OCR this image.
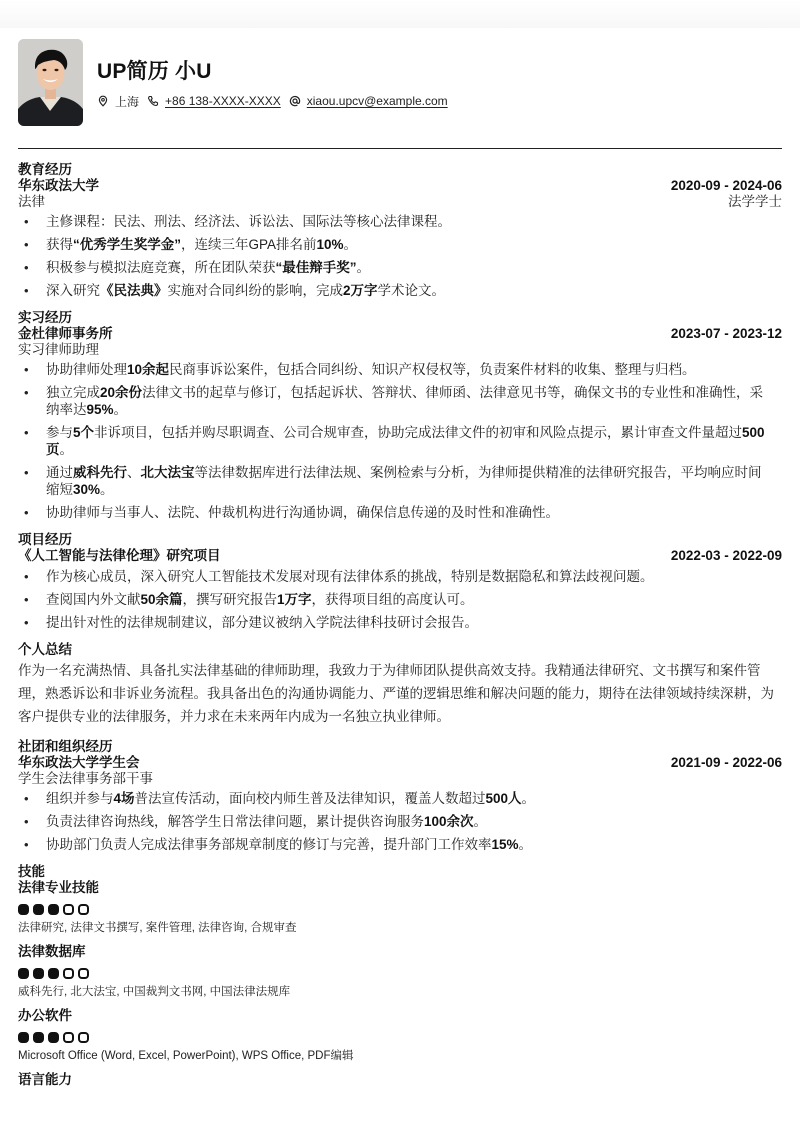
UP简历 小U
上海 +86 138-XXXX-XXXX xiaou.upcv@example.com
教育经历
华东政法大学	2020-09 - 2024-06
法律	法学学士
• 主修课程：民法、刑法、经济法、诉讼法、国际法等核心法律课程。
• 获得“优秀学生奖学金”，连续三年GPA排名前10%。
• 积极参与模拟法庭竞赛，所在团队荣获“最佳辩手奖”。
• 深入研究《民法典》实施对合同纠纷的影响，完成2万字学术论文。
实习经历
金杜律师事务所	2023-07 - 2023-12
实习律师助理
• 协助律师处理10余起民商事诉讼案件，包括合同纠纷、知识产权侵权等，负责案件材料的收集、整理与归档。
• 独立完成20余份法律文书的起草与修订，包括起诉状、答辩状、律师函、法律意见书等，确保文书的专业性和准确性，采纳率达95%。
• 参与5个非诉项目，包括并购尽职调查、公司合规审查，协助完成法律文件的初审和风险点提示，累计审查文件量超过500页。
• 通过威科先行、北大法宝等法律数据库进行法律法规、案例检索与分析，为律师提供精准的法律研究报告，平均响应时间缩短30%。
• 协助律师与当事人、法院、仲裁机构进行沟通协调，确保信息传递的及时性和准确性。
项目经历
《人工智能与法律伦理》研究项目	2022-03 - 2022-09
• 作为核心成员，深入研究人工智能技术发展对现有法律体系的挑战，特别是数据隐私和算法歧视问题。
• 查阅国内外文献50余篇，撰写研究报告1万字，获得项目组的高度认可。
• 提出针对性的法律规制建议，部分建议被纳入学院法律科技研讨会报告。
个人总结
作为一名充满热情、具备扎实法律基础的律师助理，我致力于为律师团队提供高效支持。我精通法律研究、文书撰写和案件管理，熟悉诉讼和非诉业务流程。我具备出色的沟通协调能力、严谨的逻辑思维和解决问题的能力，期待在法律领域持续深耕，为客户提供专业的法律服务，并力求在未来两年内成为一名独立执业律师。
社团和组织经历
华东政法大学学生会	2021-09 - 2022-06
学生会法律事务部干事
• 组织并参与4场普法宣传活动，面向校内师生普及法律知识，覆盖人数超过500人。
• 负责法律咨询热线，解答学生日常法律问题，累计提供咨询服务100余次。
• 协助部门负责人完成法律事务部规章制度的修订与完善，提升部门工作效率15%。
技能
法律专业技能
法律研究, 法律文书撰写, 案件管理, 法律咨询, 合规审查
法律数据库
威科先行, 北大法宝, 中国裁判文书网, 中国法律法规库
办公软件
Microsoft Office (Word, Excel, PowerPoint), WPS Office, PDF编辑
语言能力
